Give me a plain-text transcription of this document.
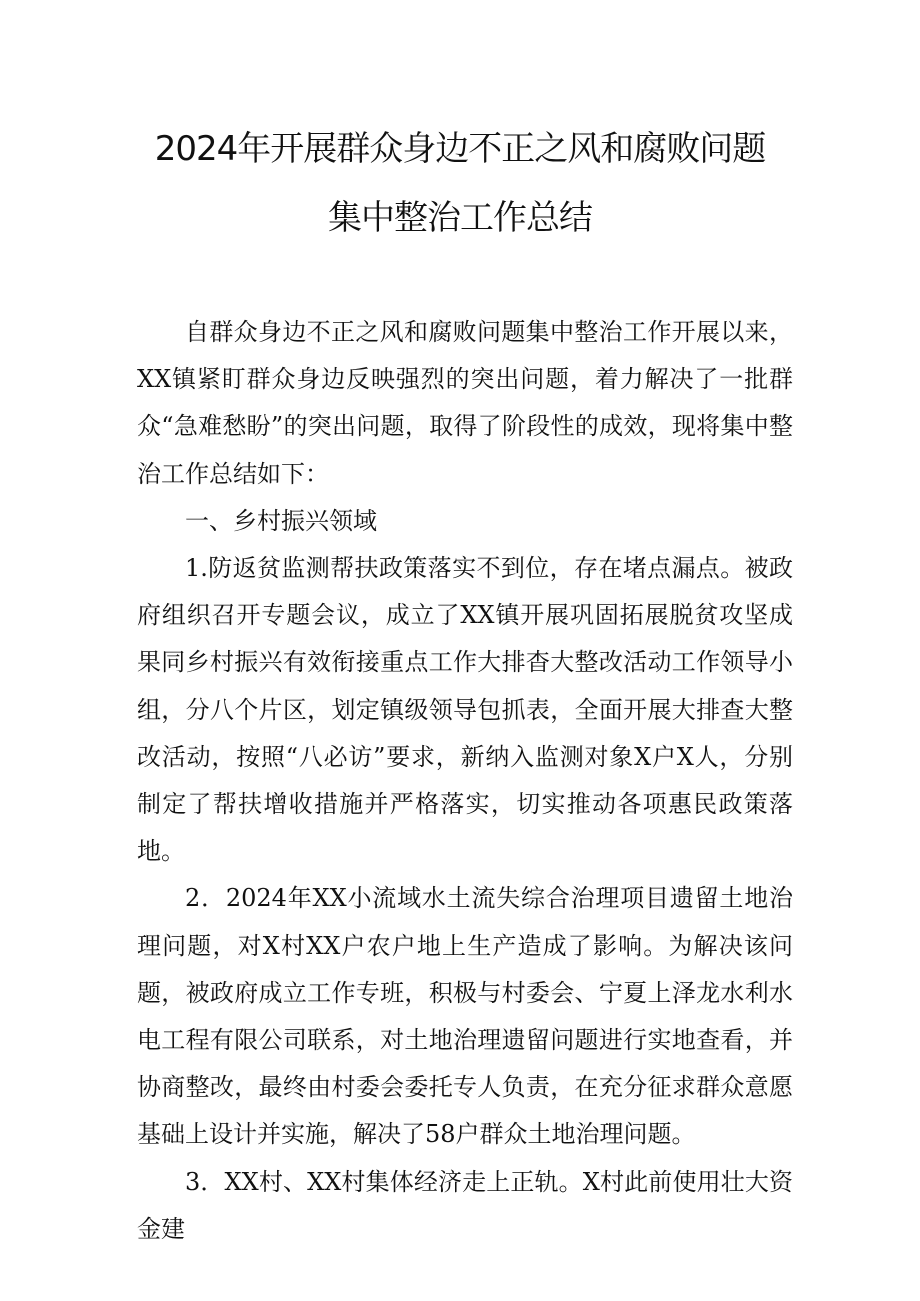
2024年开展群众身边不正之风和腐败问题
集中整治工作总结

自群众身边不正之风和腐败问题集中整治工作开展以来，XX镇紧盯群众身边反映强烈的突出问题，着力解决了一批群众“急难愁盼”的突出问题，取得了阶段性的成效，现将集中整治工作总结如下：

一、乡村振兴领域

1.防返贫监测帮扶政策落实不到位，存在堵点漏点。被政府组织召开专题会议，成立了XX镇开展巩固拓展脱贫攻坚成果同乡村振兴有效衔接重点工作大排杳大整改活动工作领导小组，分八个片区，划定镇级领导包抓表，全面开展大排查大整改活动，按照“八必访”要求，新纳入监测对象X户X人，分别制定了帮扶增收措施并严格落实，切实推动各项惠民政策落地。

2．2024年XX小流域水土流失综合治理项目遗留土地治理问题，对X村XX户农户地上生产造成了影响。为解决该问题，被政府成立工作专班，积极与村委会、宁夏上泽龙水利水电工程有限公司联系，对土地治理遗留问题进行实地查看，并协商整改，最终由村委会委托专人负责，在充分征求群众意愿基础上设计并实施，解决了58户群众土地治理问题。

3．XX村、XX村集体经济走上正轨。X村此前使用壮大资金建
